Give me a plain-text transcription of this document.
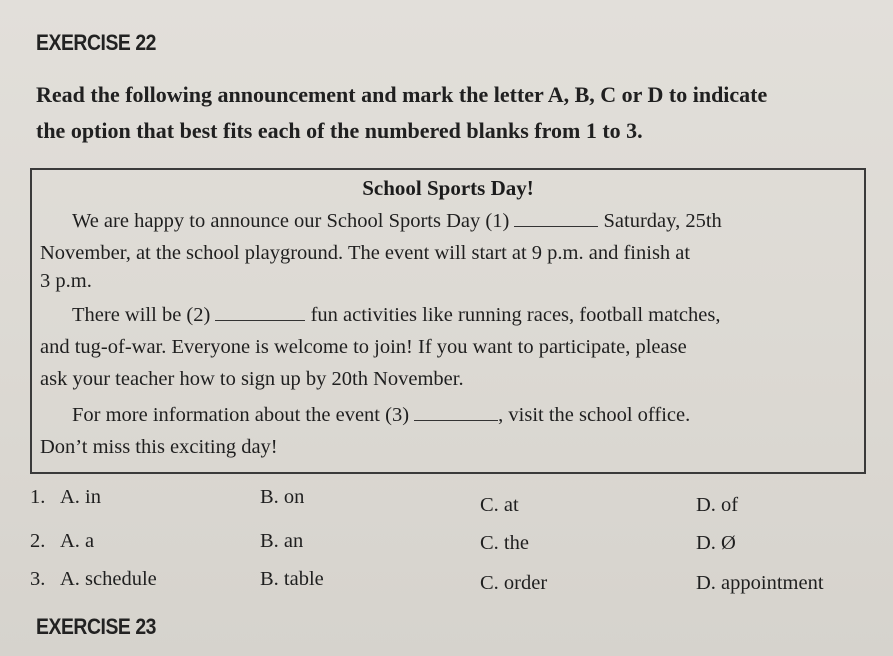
EXERCISE 22
Read the following announcement and mark the letter A, B, C or D to indicate
the option that best fits each of the numbered blanks from 1 to 3.
School Sports Day!
We are happy to announce our School Sports Day (1)	Saturday, 25th
November, at the school playground. The event will start at 9 p.m. and finish at
3 p.m.
There will be (2)	fun activities like running races, football matches,
and tug-of-war. Everyone is welcome to join! If you want to participate, please
ask your teacher how to sign up by 20th November.
For more information about the event (3)	, visit the school office.
Don’t miss this exciting day!
1. A. in	B. on	C. at	D. of
2. A. a	B. an	C. the	D. Ø
3. A. schedule	B. table	C. order	D. appointment
EXERCISE 23
